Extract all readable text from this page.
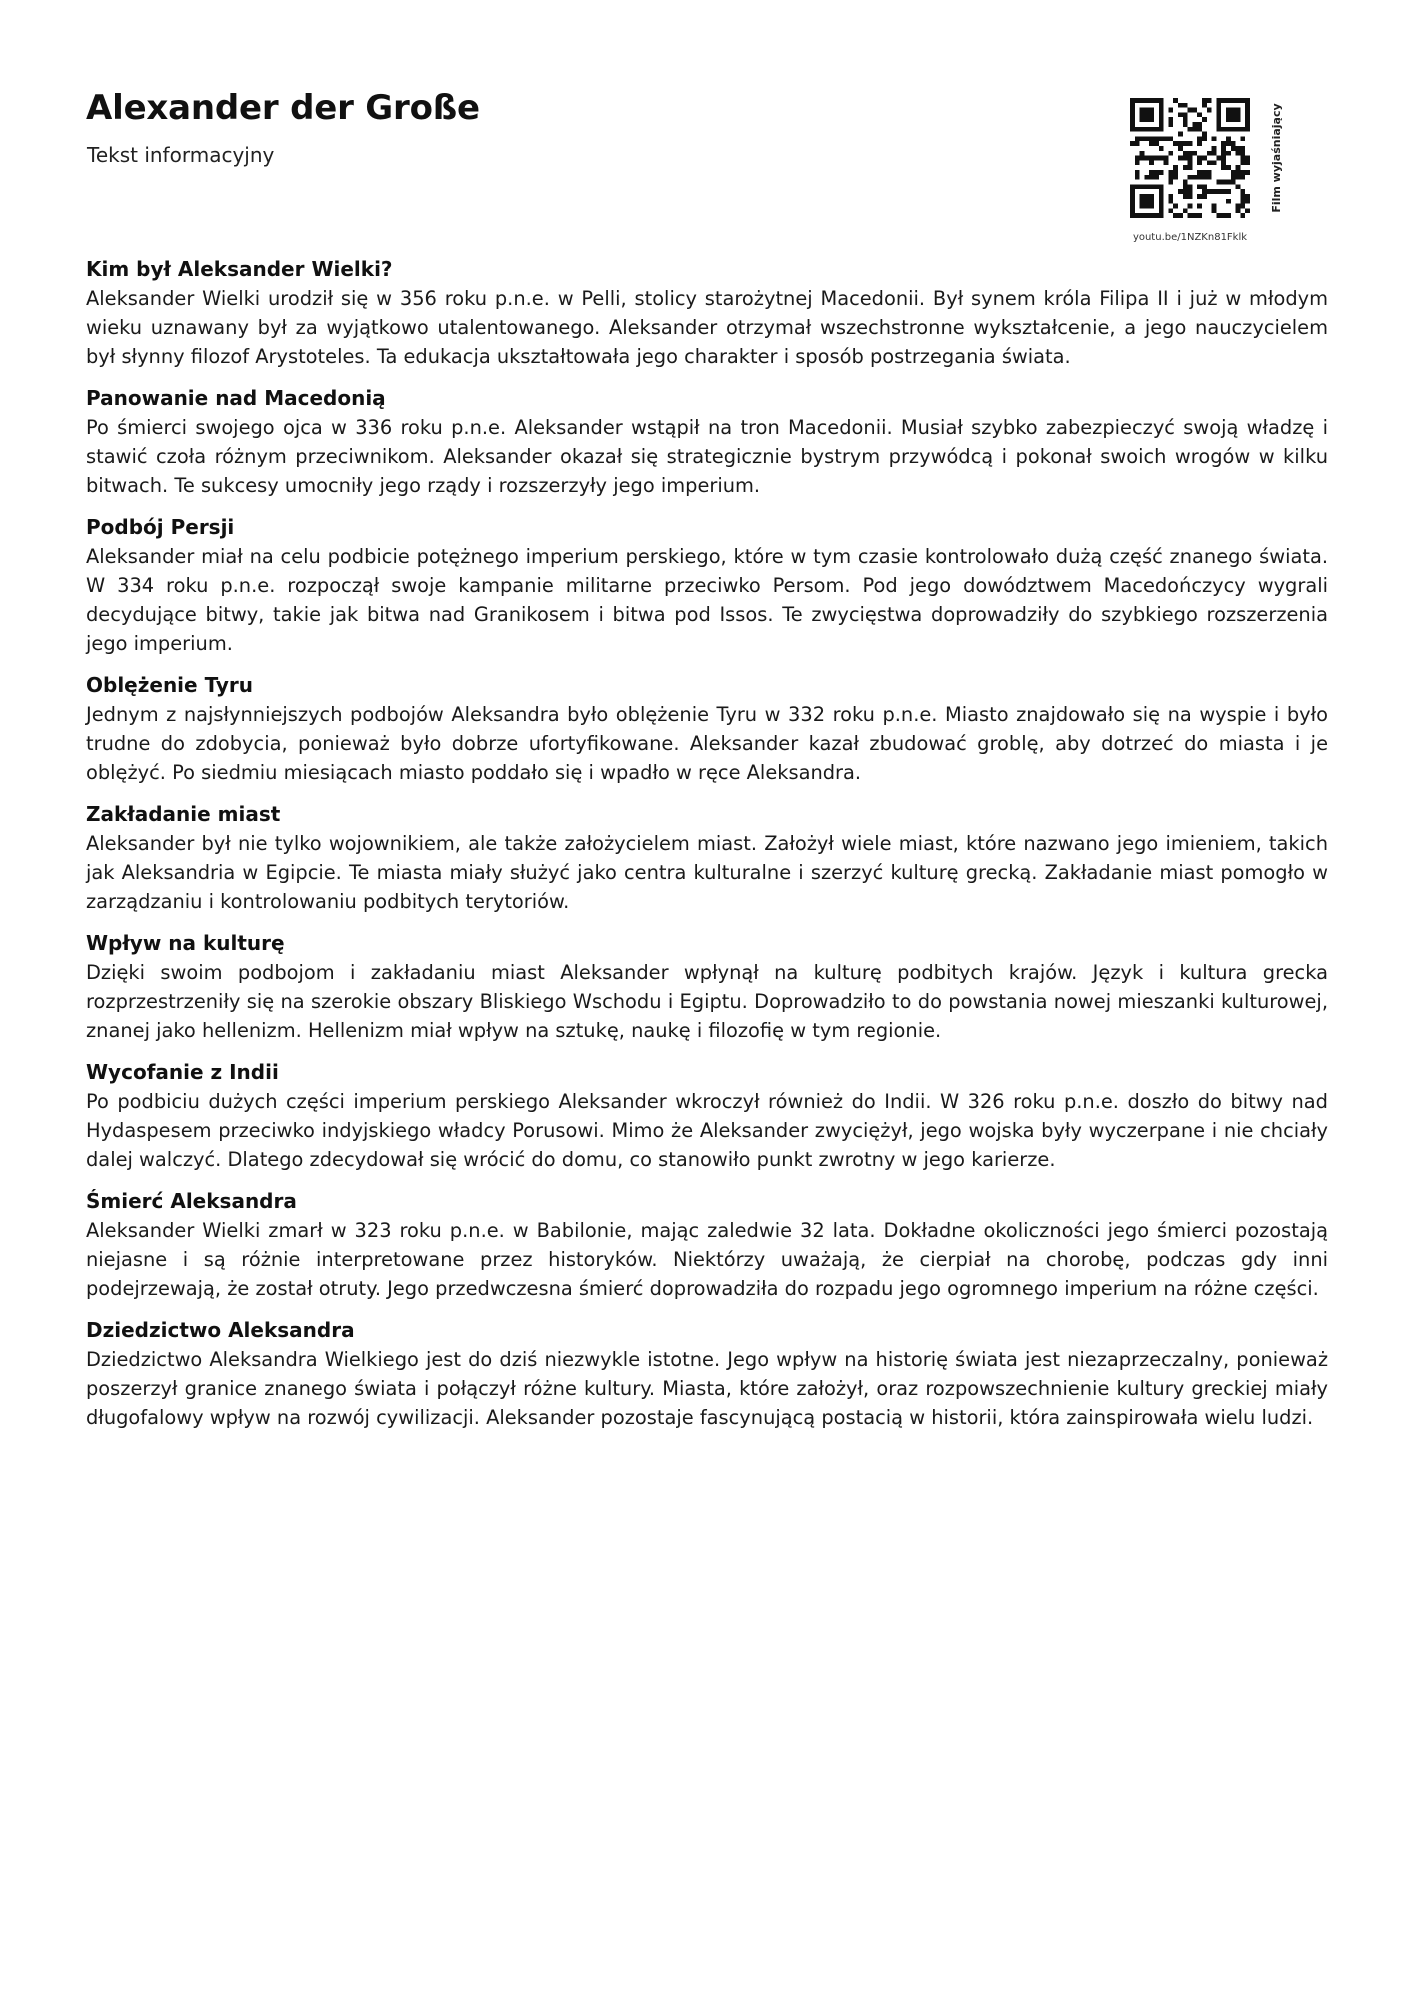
Alexander der Große

Tekst informacyjny

youtu.be/1NZKn81Fklk
Film wyjaśniający
Kim był Aleksander Wielki?

Aleksander Wielki urodził się w 356 roku p.n.e. w Pelli, stolicy starożytnej Macedonii. Był synem króla Filipa II i już w młodym wieku uznawany był za wyjątkowo utalentowanego. Aleksander otrzymał wszechstronne wykształcenie, a jego nauczycielem był słynny filozof Arystoteles. Ta edukacja ukształtowała jego charakter i sposób postrzegania świata.

Panowanie nad Macedonią

Po śmierci swojego ojca w 336 roku p.n.e. Aleksander wstąpił na tron Macedonii. Musiał szybko zabezpieczyć swoją władzę i stawić czoła różnym przeciwnikom. Aleksander okazał się strategicznie bystrym przywódcą i pokonał swoich wrogów w kilku bitwach. Te sukcesy umocniły jego rządy i rozszerzyły jego imperium.

Podbój Persji

Aleksander miał na celu podbicie potężnego imperium perskiego, które w tym czasie kontrolowało dużą część znanego świata. W 334 roku p.n.e. rozpoczął swoje kampanie militarne przeciwko Persom. Pod jego dowództwem Macedończycy wygrali decydujące bitwy, takie jak bitwa nad Granikosem i bitwa pod Issos. Te zwycięstwa doprowadziły do szybkiego rozszerzenia jego imperium.

Oblężenie Tyru

Jednym z najsłynniejszych podbojów Aleksandra było oblężenie Tyru w 332 roku p.n.e. Miasto znajdowało się na wyspie i było trudne do zdobycia, ponieważ było dobrze ufortyfikowane. Aleksander kazał zbudować groblę, aby dotrzeć do miasta i je oblężyć. Po siedmiu miesiącach miasto poddało się i wpadło w ręce Aleksandra.

Zakładanie miast

Aleksander był nie tylko wojownikiem, ale także założycielem miast. Założył wiele miast, które nazwano jego imieniem, takich jak Aleksandria w Egipcie. Te miasta miały służyć jako centra kulturalne i szerzyć kulturę grecką. Zakładanie miast pomogło w zarządzaniu i kontrolowaniu podbitych terytoriów.

Wpływ na kulturę

Dzięki swoim podbojom i zakładaniu miast Aleksander wpłynął na kulturę podbitych krajów. Język i kultura grecka rozprzestrzeniły się na szerokie obszary Bliskiego Wschodu i Egiptu. Doprowadziło to do powstania nowej mieszanki kulturowej, znanej jako hellenizm. Hellenizm miał wpływ na sztukę, naukę i filozofię w tym regionie.

Wycofanie z Indii

Po podbiciu dużych części imperium perskiego Aleksander wkroczył również do Indii. W 326 roku p.n.e. doszło do bitwy nad Hydaspesem przeciwko indyjskiego władcy Porusowi. Mimo że Aleksander zwyciężył, jego wojska były wyczerpane i nie chciały dalej walczyć. Dlatego zdecydował się wrócić do domu, co stanowiło punkt zwrotny w jego karierze.

Śmierć Aleksandra

Aleksander Wielki zmarł w 323 roku p.n.e. w Babilonie, mając zaledwie 32 lata. Dokładne okoliczności jego śmierci pozostają niejasne i są różnie interpretowane przez historyków. Niektórzy uważają, że cierpiał na chorobę, podczas gdy inni podejrzewają, że został otruty. Jego przedwczesna śmierć doprowadziła do rozpadu jego ogromnego imperium na różne części.

Dziedzictwo Aleksandra

Dziedzictwo Aleksandra Wielkiego jest do dziś niezwykle istotne. Jego wpływ na historię świata jest niezaprzeczalny, ponieważ poszerzył granice znanego świata i połączył różne kultury. Miasta, które założył, oraz rozpowszechnienie kultury greckiej miały długofalowy wpływ na rozwój cywilizacji. Aleksander pozostaje fascynującą postacią w historii, która zainspirowała wielu ludzi.
